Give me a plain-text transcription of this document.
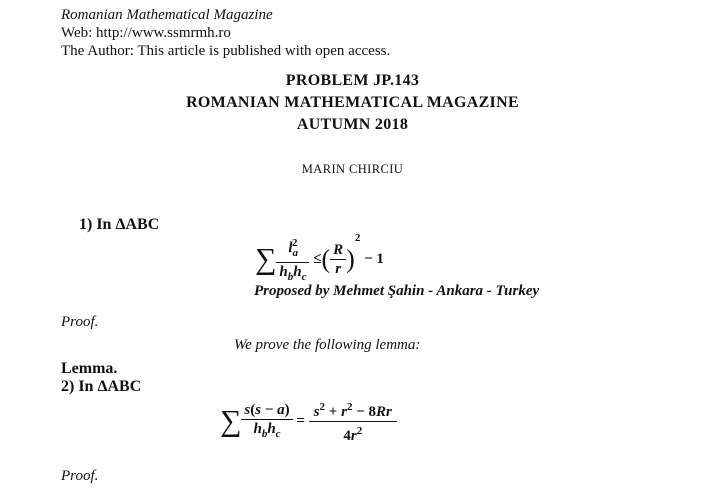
Romanian Mathematical Magazine
Web: http://www.ssmrmh.ro
The Author: This article is published with open access.
PROBLEM JP.143
ROMANIAN MATHEMATICAL MAGAZINE
AUTUMN 2018
MARIN CHIRCIU
1) In ΔABC
∑ $\frac{l_a^2}{h_bh_c}$ ≤( $\frac{R}{r} )^2 - 1$
Proposed by Mehmet Şahin - Ankara - Turkey
Proof.
We prove the following lemma:
Lemma.
2) In ΔABC
∑ $\frac{s(s - a)}{h_bh_c} = \frac{s^2 + r^2 - 8Rr}{4r^2}$
Proof.
